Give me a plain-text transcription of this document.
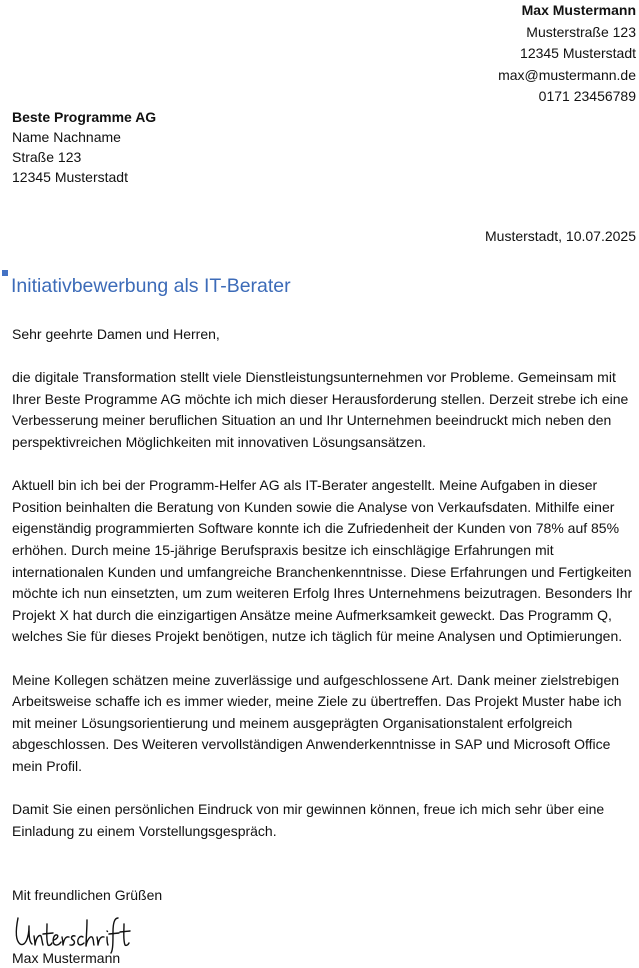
Max Mustermann
Musterstraße 123
12345 Musterstadt
max@mustermann.de
0171 23456789
Beste Programme AG
Name Nachname
Straße 123
12345 Musterstadt
Musterstadt, 10.07.2025
Initiativbewerbung als IT-Berater

Sehr geehrte Damen und Herren,

die digitale Transformation stellt viele Dienstleistungsunternehmen vor Probleme. Gemeinsam mit Ihrer Beste Programme AG möchte ich mich dieser Herausforderung stellen. Derzeit strebe ich eine Verbesserung meiner beruflichen Situation an und Ihr Unternehmen beeindruckt mich neben den perspektivreichen Möglichkeiten mit innovativen Lösungsansätzen.

Aktuell bin ich bei der Programm-Helfer AG als IT-Berater angestellt. Meine Aufgaben in dieser Position beinhalten die Beratung von Kunden sowie die Analyse von Verkaufsdaten. Mithilfe einer eigenständig programmierten Software konnte ich die Zufriedenheit der Kunden von 78% auf 85% erhöhen. Durch meine 15-jährige Berufspraxis besitze ich einschlägige Erfahrungen mit internationalen Kunden und umfangreiche Branchenkenntnisse. Diese Erfahrungen und Fertigkeiten möchte ich nun einsetzten, um zum weiteren Erfolg Ihres Unternehmens beizutragen. Besonders Ihr Projekt X hat durch die einzigartigen Ansätze meine Aufmerksamkeit geweckt. Das Programm Q, welches Sie für dieses Projekt benötigen, nutze ich täglich für meine Analysen und Optimierungen.

Meine Kollegen schätzen meine zuverlässige und aufgeschlossene Art. Dank meiner zielstrebigen Arbeitsweise schaffe ich es immer wieder, meine Ziele zu übertreffen. Das Projekt Muster habe ich mit meiner Lösungsorientierung und meinem ausgeprägten Organisationstalent erfolgreich abgeschlossen. Des Weiteren vervollständigen Anwenderkenntnisse in SAP und Microsoft Office mein Profil.

Damit Sie einen persönlichen Eindruck von mir gewinnen können, freue ich mich sehr über eine Einladung zu einem Vorstellungsgespräch.

Mit freundlichen Grüßen
Max Mustermann
